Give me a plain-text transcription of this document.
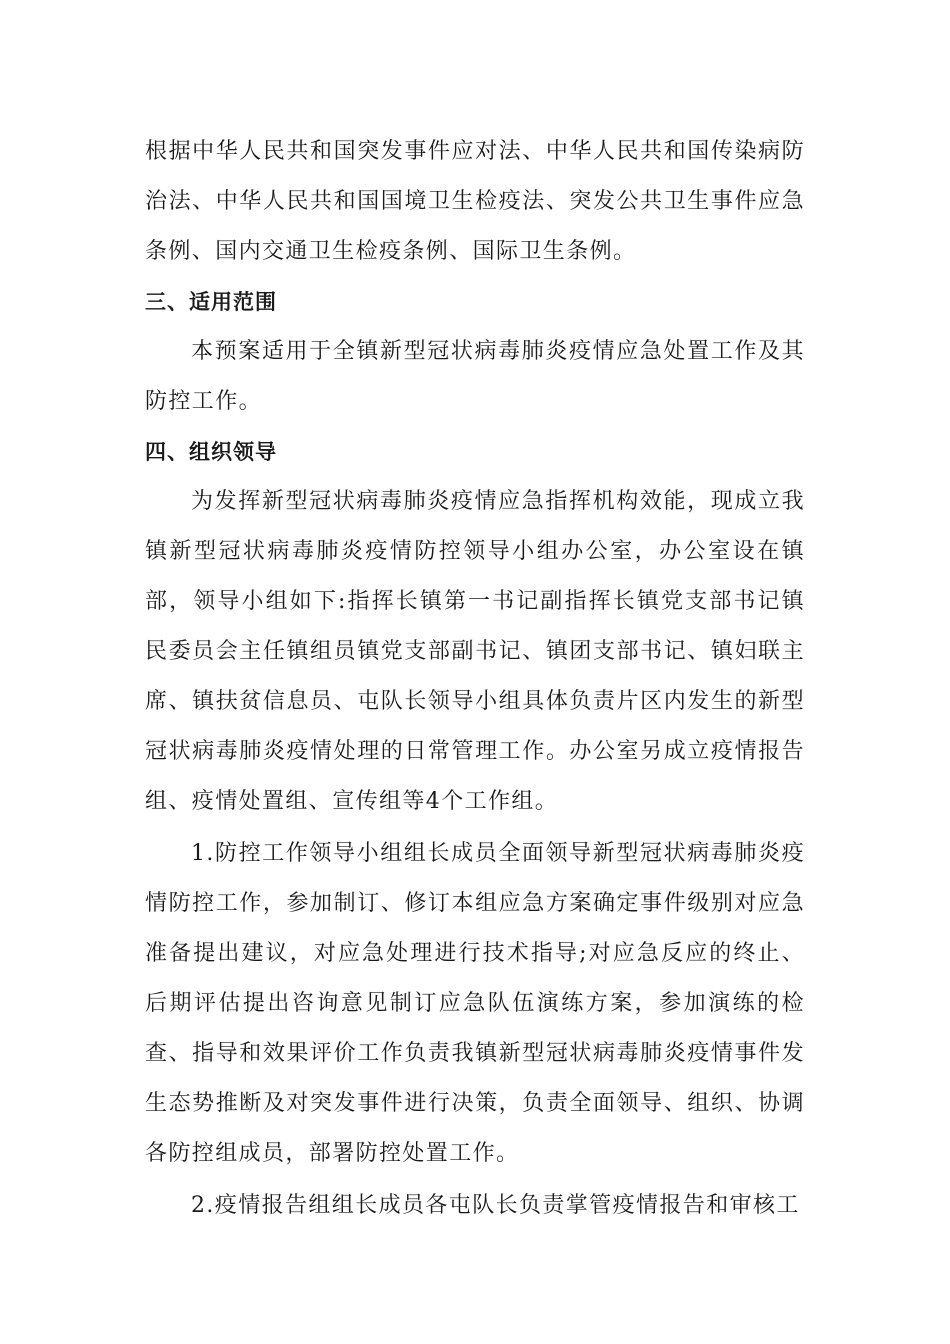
根据中华人民共和国突发事件应对法、中华人民共和国传染病防治法、中华人民共和国国境卫生检疫法、突发公共卫生事件应急条例、国内交通卫生检疫条例、国际卫生条例。

三、适用范围

本预案适用于全镇新型冠状病毒肺炎疫情应急处置工作及其防控工作。

四、组织领导

为发挥新型冠状病毒肺炎疫情应急指挥机构效能，现成立我镇新型冠状病毒肺炎疫情防控领导小组办公室，办公室设在镇部，领导小组如下:指挥长镇第一书记副指挥长镇党支部书记镇民委员会主任镇组员镇党支部副书记、镇团支部书记、镇妇联主席、镇扶贫信息员、屯队长领导小组具体负责片区内发生的新型冠状病毒肺炎疫情处理的日常管理工作。办公室另成立疫情报告组、疫情处置组、宣传组等4个工作组。

1.防控工作领导小组组长成员全面领导新型冠状病毒肺炎疫情防控工作，参加制订、修订本组应急方案确定事件级别对应急准备提出建议，对应急处理进行技术指导;对应急反应的终止、后期评估提出咨询意见制订应急队伍演练方案，参加演练的检查、指导和效果评价工作负责我镇新型冠状病毒肺炎疫情事件发生态势推断及对突发事件进行决策，负责全面领导、组织、协调各防控组成员，部署防控处置工作。

2.疫情报告组组长成员各屯队长负责掌管疫情报告和审核工
